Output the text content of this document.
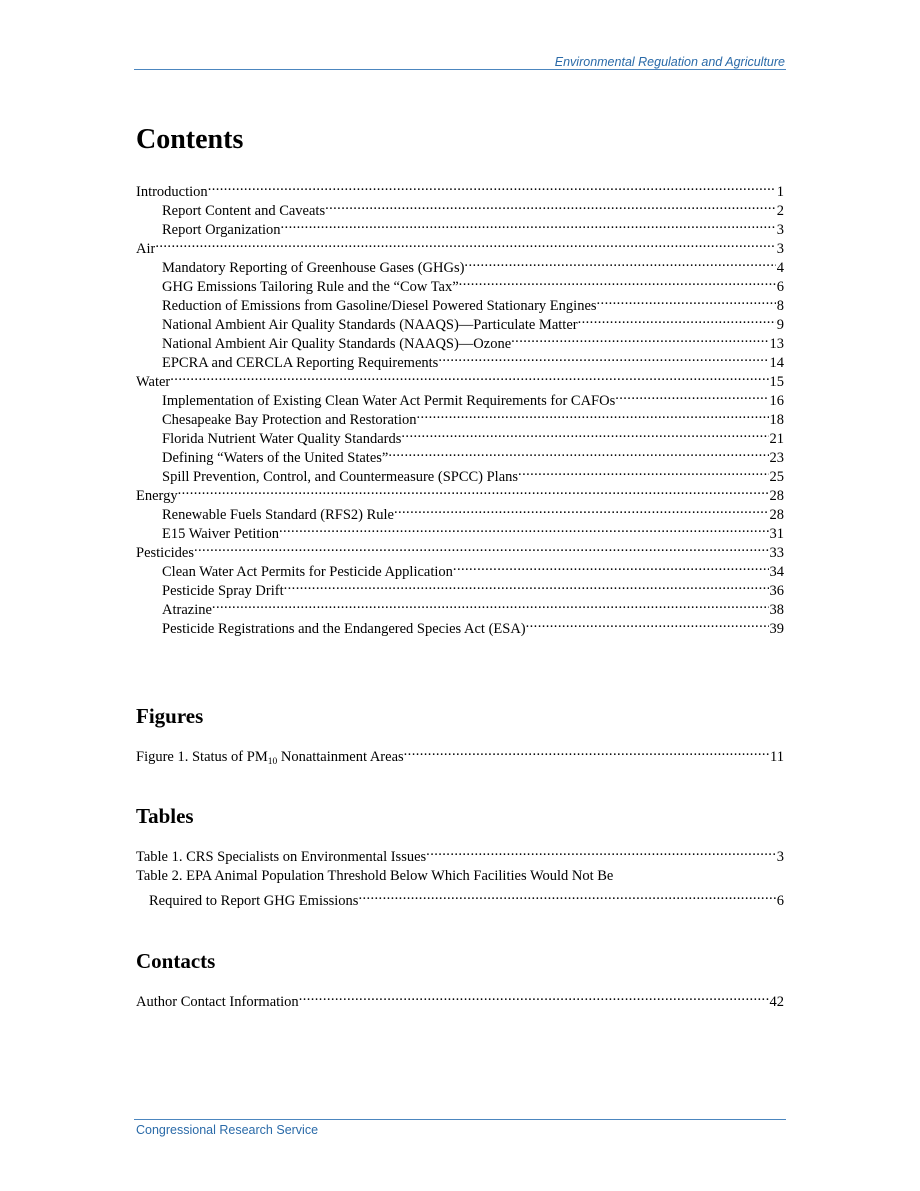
Environmental Regulation and Agriculture
Contents
Introduction .....	1
Report Content and Caveats .....	2
Report Organization .....	3
Air .....	3
Mandatory Reporting of Greenhouse Gases (GHGs) .....	4
GHG Emissions Tailoring Rule and the “Cow Tax” .....	6
Reduction of Emissions from Gasoline/Diesel Powered Stationary Engines .....	8
National Ambient Air Quality Standards (NAAQS)—Particulate Matter .....	9
National Ambient Air Quality Standards (NAAQS)—Ozone .....	13
EPCRA and CERCLA Reporting Requirements .....	14
Water .....	15
Implementation of Existing Clean Water Act Permit Requirements for CAFOs .....	16
Chesapeake Bay Protection and Restoration .....	18
Florida Nutrient Water Quality Standards .....	21
Defining “Waters of the United States” .....	23
Spill Prevention, Control, and Countermeasure (SPCC) Plans .....	25
Energy .....	28
Renewable Fuels Standard (RFS2) Rule .....	28
E15 Waiver Petition .....	31
Pesticides .....	33
Clean Water Act Permits for Pesticide Application .....	34
Pesticide Spray Drift .....	36
Atrazine .....	38
Pesticide Registrations and the Endangered Species Act (ESA) .....	39
Figures
Figure 1. Status of $PM_{10}$ Nonattainment Areas .....	11
Tables
Table 1. CRS Specialists on Environmental Issues .....	3
Table 2. EPA Animal Population Threshold Below Which Facilities Would Not Be
Required to Report GHG Emissions .....	6
Contacts
Author Contact Information .....	42
Congressional Research Service
